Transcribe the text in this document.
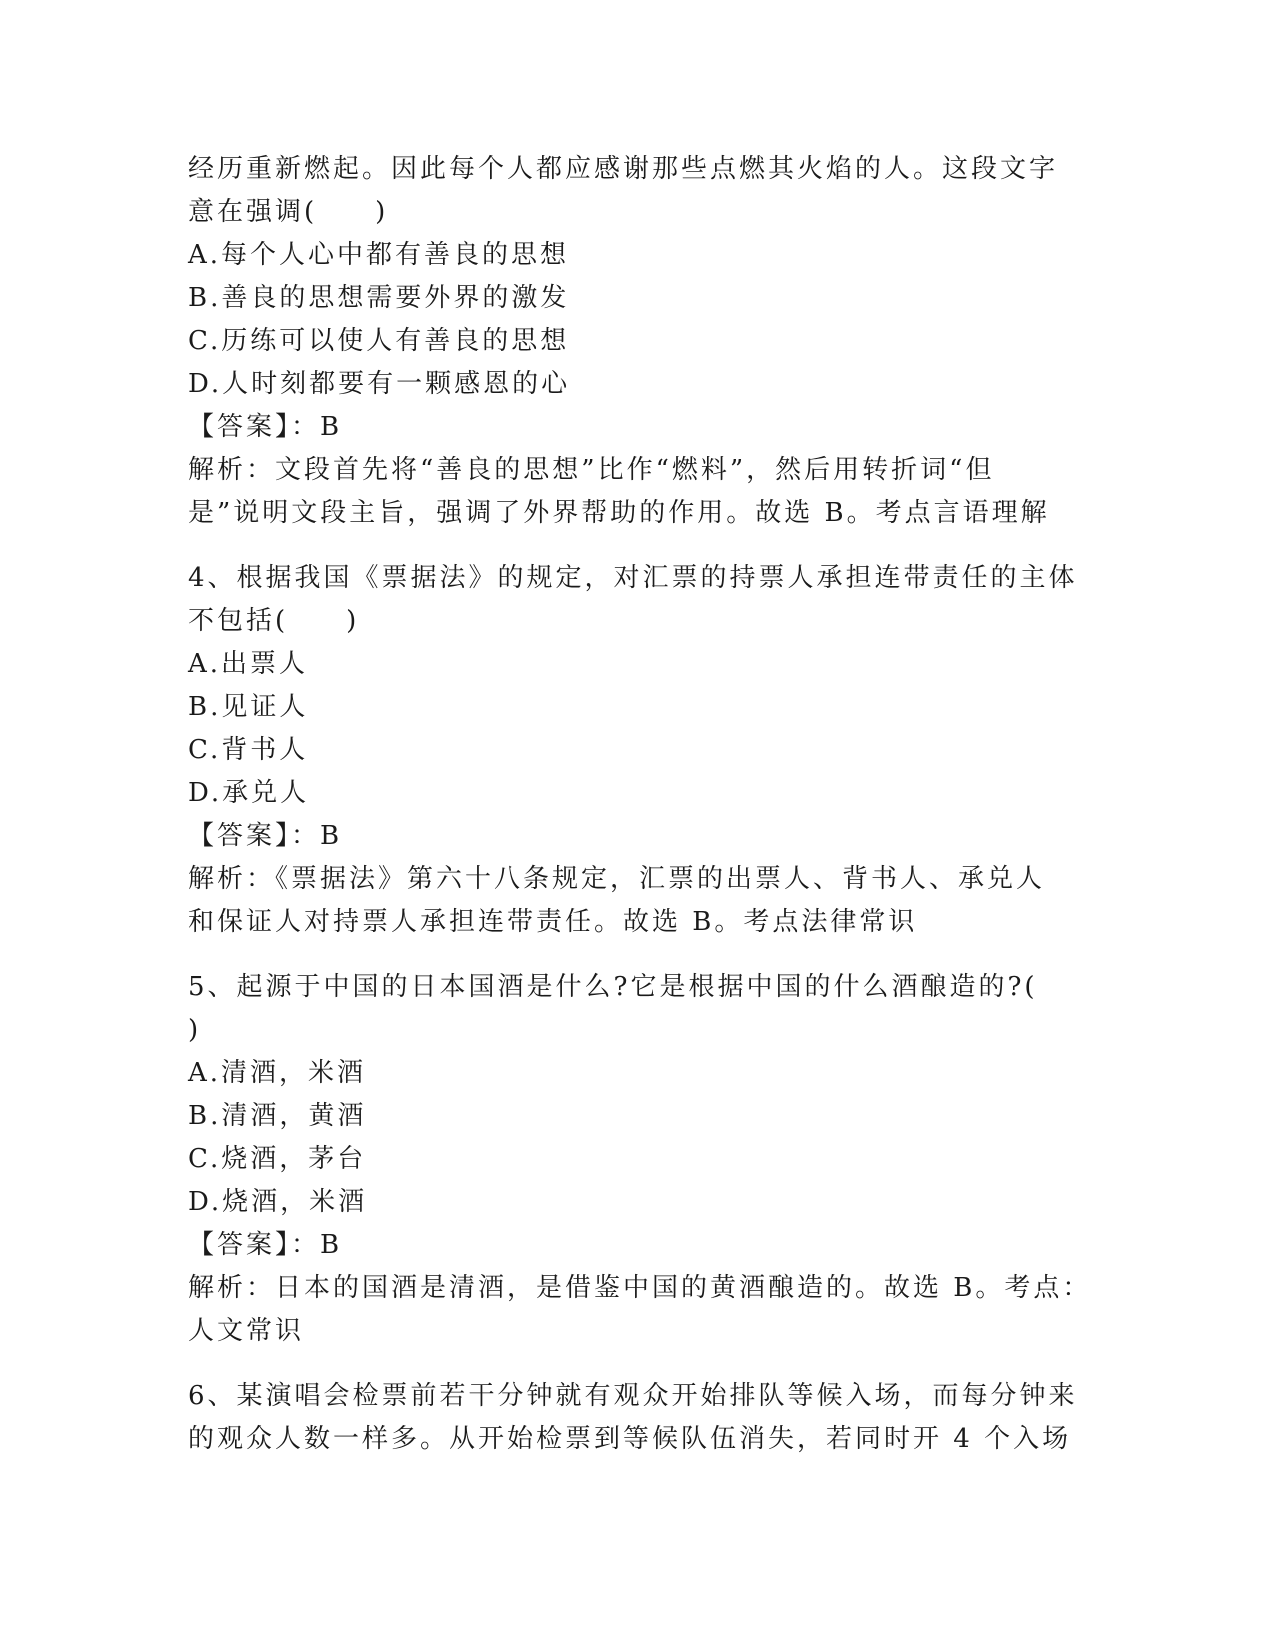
经历重新燃起。因此每个人都应感谢那些点燃其火焰的人。这段文字
意在强调(　　)
A.每个人心中都有善良的思想
B.善良的思想需要外界的激发
C.历练可以使人有善良的思想
D.人时刻都要有一颗感恩的心
【答案】：B
解析：文段首先将“善良的思想”比作“燃料”，然后用转折词“但
是”说明文段主旨，强调了外界帮助的作用。故选 B。考点言语理解
4、根据我国《票据法》的规定，对汇票的持票人承担连带责任的主体
不包括(　　)
A.出票人
B.见证人
C.背书人
D.承兑人
【答案】：B
解析：《票据法》第六十八条规定，汇票的出票人、背书人、承兑人
和保证人对持票人承担连带责任。故选 B。考点法律常识
5、起源于中国的日本国酒是什么?它是根据中国的什么酒酿造的?(
)
A.清酒，米酒
B.清酒，黄酒
C.烧酒，茅台
D.烧酒，米酒
【答案】：B
解析：日本的国酒是清酒，是借鉴中国的黄酒酿造的。故选 B。考点：
人文常识
6、某演唱会检票前若干分钟就有观众开始排队等候入场，而每分钟来
的观众人数一样多。从开始检票到等候队伍消失，若同时开 4 个入场
